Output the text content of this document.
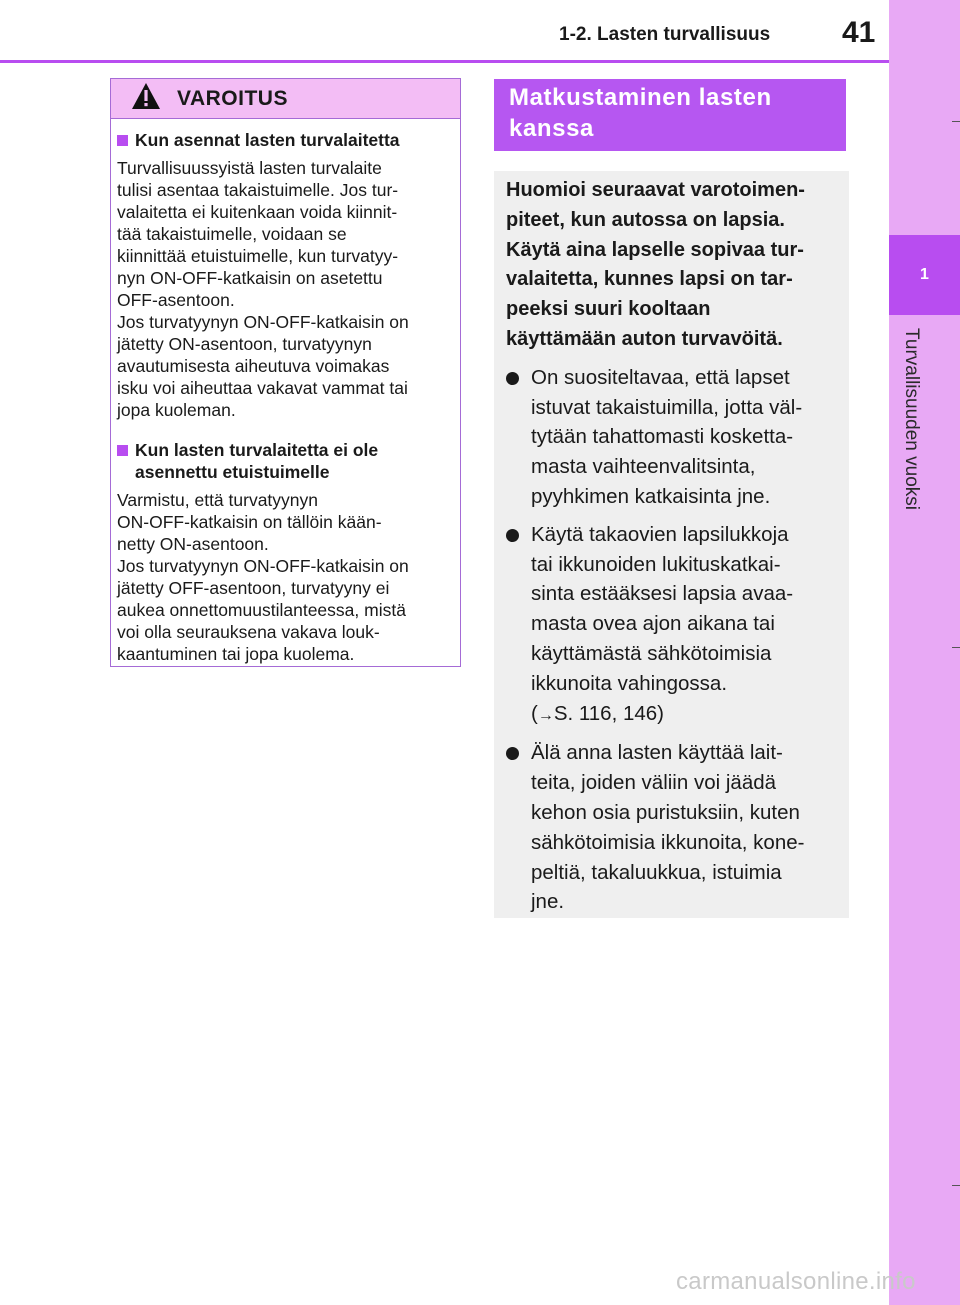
1
Turvallisuuden vuoksi
1-2. Lasten turvallisuus 41
VAROITUS
Kun asennat lasten turvalaitetta
Turvallisuussyistä lasten turvalaite
tulisi asentaa takaistuimelle. Jos tur-
valaitetta ei kuitenkaan voida kiinnit-
tää takaistuimelle, voidaan se
kiinnittää etuistuimelle, kun turvatyy-
nyn ON-OFF-katkaisin on asetettu
OFF-asentoon.
Jos turvatyynyn ON-OFF-katkaisin on
jätetty ON-asentoon, turvatyynyn
avautumisesta aiheutuva voimakas
isku voi aiheuttaa vakavat vammat tai
jopa kuoleman.
Kun lasten turvalaitetta ei ole
asennettu etuistuimelle
Varmistu, että turvatyynyn
ON-OFF-katkaisin on tällöin kään-
netty ON-asentoon.
Jos turvatyynyn ON-OFF-katkaisin on
jätetty OFF-asentoon, turvatyyny ei
aukea onnettomuustilanteessa, mistä
voi olla seurauksena vakava louk-
kaantuminen tai jopa kuolema.
Matkustaminen lasten
kanssa

Huomioi seuraavat varotoimen-
piteet, kun autossa on lapsia.
Käytä aina lapselle sopivaa tur-
valaitetta, kunnes lapsi on tar-
peeksi suuri kooltaan
käyttämään auton turvavöitä.

On suositeltavaa, että lapset
istuvat takaistuimilla, jotta väl-
tytään tahattomasti kosketta-
masta vaihteenvalitsinta,
pyyhkimen katkaisinta jne.
Käytä takaovien lapsilukkoja
tai ikkunoiden lukituskatkai-
sinta estääksesi lapsia avaa-
masta ovea ajon aikana tai
käyttämästä sähkötoimisia
ikkunoita vahingossa.
(→S. 116, 146)
Älä anna lasten käyttää lait-
teita, joiden väliin voi jäädä
kehon osia puristuksiin, kuten
sähkötoimisia ikkunoita, kone-
peltiä, takaluukkua, istuimia
jne.
carmanualsonline.info
